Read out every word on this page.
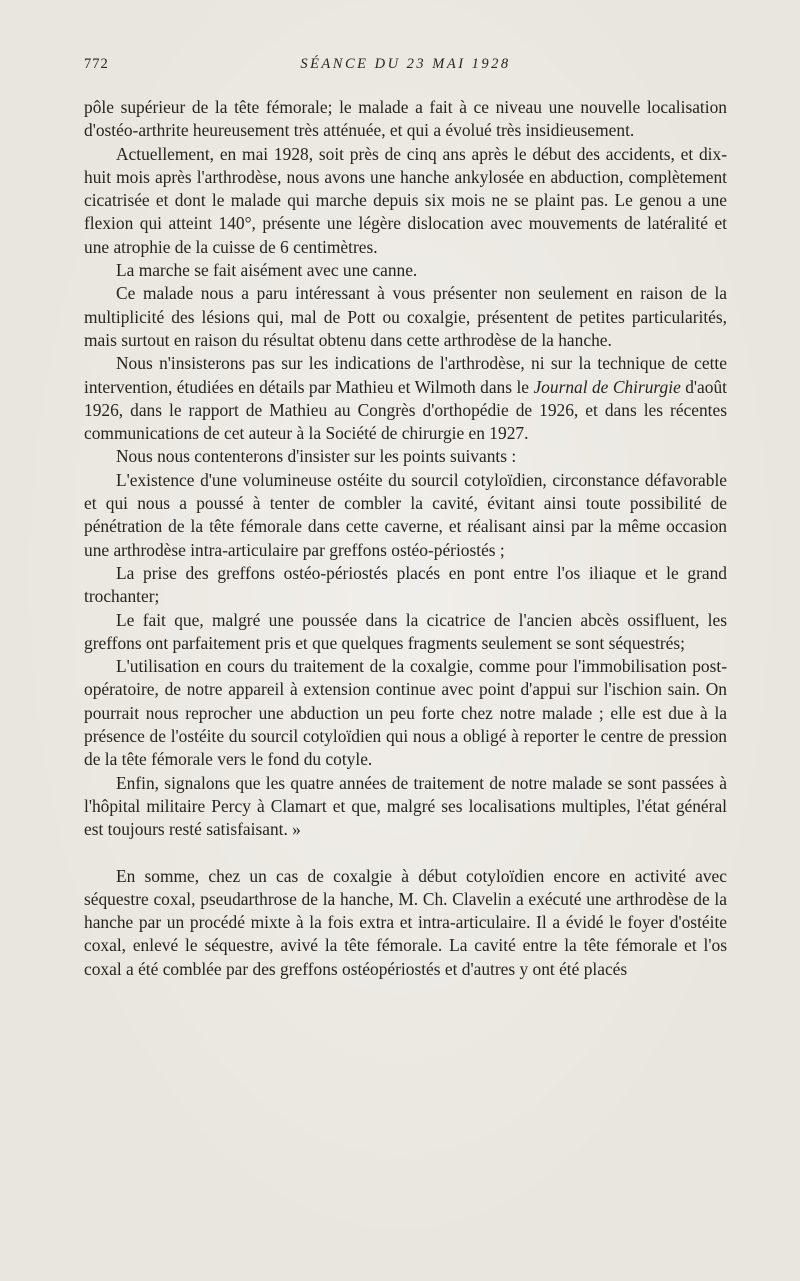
772	SÉANCE DU 23 MAI 1928

pôle supérieur de la tête fémorale; le malade a fait à ce niveau une nouvelle localisation d'ostéo-arthrite heureusement très atténuée, et qui a évolué très insidieusement.

Actuellement, en mai 1928, soit près de cinq ans après le début des accidents, et dix-huit mois après l'arthrodèse, nous avons une hanche ankylosée en abduction, complètement cicatrisée et dont le malade qui marche depuis six mois ne se plaint pas. Le genou a une flexion qui atteint 140°, présente une légère dislocation avec mouvements de latéralité et une atrophie de la cuisse de 6 centimètres.

La marche se fait aisément avec une canne.

Ce malade nous a paru intéressant à vous présenter non seulement en raison de la multiplicité des lésions qui, mal de Pott ou coxalgie, présentent de petites particularités, mais surtout en raison du résultat obtenu dans cette arthrodèse de la hanche.

Nous n'insisterons pas sur les indications de l'arthrodèse, ni sur la technique de cette intervention, étudiées en détails par Mathieu et Wilmoth dans le Journal de Chirurgie d'août 1926, dans le rapport de Mathieu au Congrès d'orthopédie de 1926, et dans les récentes communications de cet auteur à la Société de chirurgie en 1927.

Nous nous contenterons d'insister sur les points suivants :

L'existence d'une volumineuse ostéite du sourcil cotyloïdien, circonstance défavorable et qui nous a poussé à tenter de combler la cavité, évitant ainsi toute possibilité de pénétration de la tête fémorale dans cette caverne, et réalisant ainsi par la même occasion une arthrodèse intra-articulaire par greffons ostéo-périostés ;

La prise des greffons ostéo-périostés placés en pont entre l'os iliaque et le grand trochanter;

Le fait que, malgré une poussée dans la cicatrice de l'ancien abcès ossifluent, les greffons ont parfaitement pris et que quelques fragments seulement se sont séquestrés;

L'utilisation en cours du traitement de la coxalgie, comme pour l'immobilisation post-opératoire, de notre appareil à extension continue avec point d'appui sur l'ischion sain. On pourrait nous reprocher une abduction un peu forte chez notre malade ; elle est due à la présence de l'ostéite du sourcil cotyloïdien qui nous a obligé à reporter le centre de pression de la tête fémorale vers le fond du cotyle.

Enfin, signalons que les quatre années de traitement de notre malade se sont passées à l'hôpital militaire Percy à Clamart et que, malgré ses localisations multiples, l'état général est toujours resté satisfaisant. »

En somme, chez un cas de coxalgie à début cotyloïdien encore en activité avec séquestre coxal, pseudarthrose de la hanche, M. Ch. Clavelin a exécuté une arthrodèse de la hanche par un procédé mixte à la fois extra et intra-articulaire. Il a évidé le foyer d'ostéite coxal, enlevé le séquestre, avivé la tête fémorale. La cavité entre la tête fémorale et l'os coxal a été comblée par des greffons ostéopériostés et d'autres y ont été placés
